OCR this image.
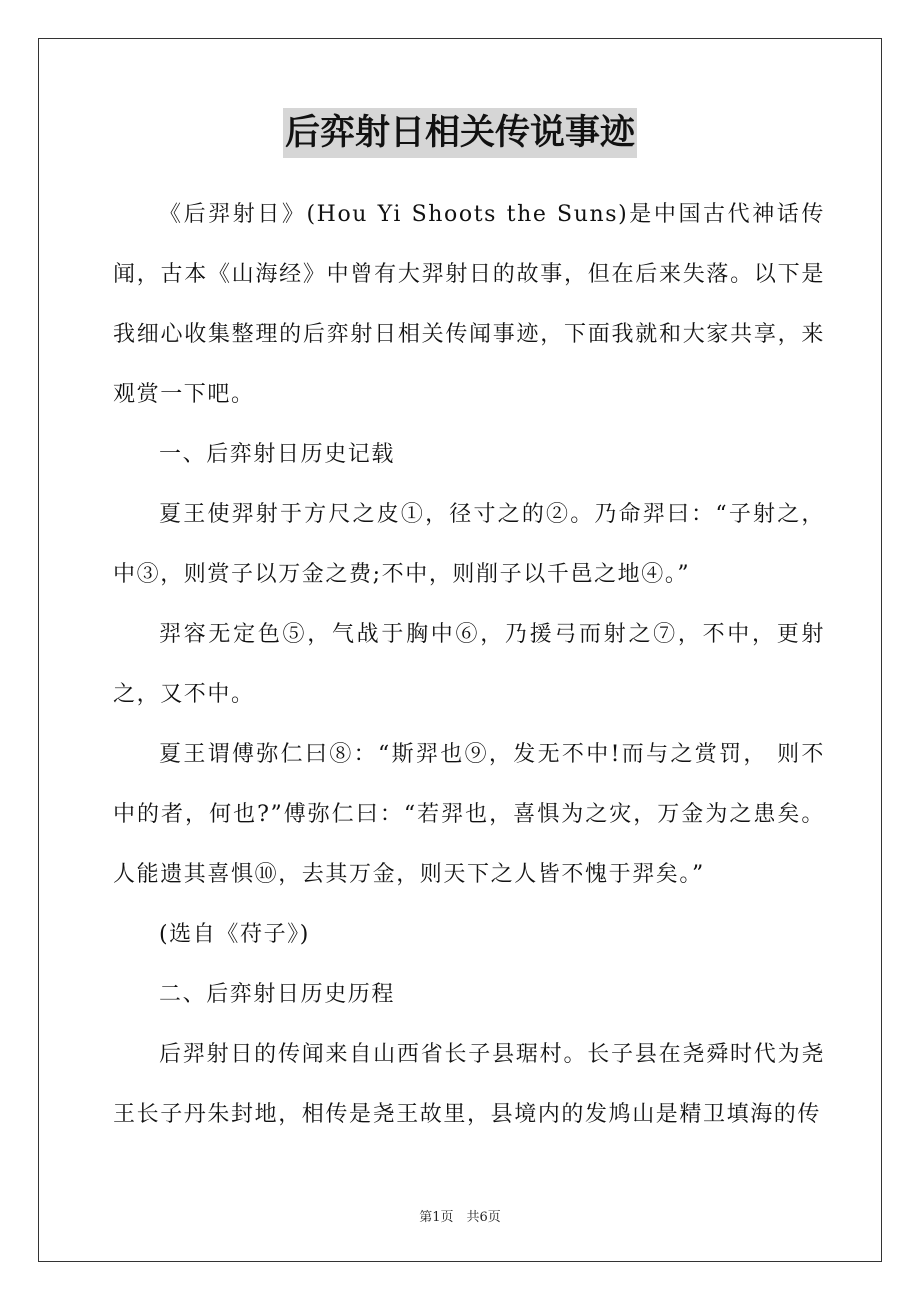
后弈射日相关传说事迹

《后羿射日》(Hou Yi Shoots the Suns)是中国古代神话传闻，古本《山海经》中曾有大羿射日的故事，但在后来失落。以下是我细心收集整理的后弈射日相关传闻事迹，下面我就和大家共享，来观赏一下吧。

一、后弈射日历史记载

夏王使羿射于方尺之皮①，径寸之的②。乃命羿曰：“子射之，中③，则赏子以万金之费;不中，则削子以千邑之地④。”

羿容无定色⑤，气战于胸中⑥，乃援弓而射之⑦，不中，更射之，又不中。

夏王谓傅弥仁曰⑧：“斯羿也⑨，发无不中!而与之赏罚， 则不中的者，何也?”傅弥仁曰：“若羿也，喜惧为之灾，万金为之患矣。人能遗其喜惧⑩，去其万金，则天下之人皆不愧于羿矣。”

(选自《苻子》)

二、后弈射日历史历程

后羿射日的传闻来自山西省长子县琚村。长子县在尧舜时代为尧王长子丹朱封地，相传是尧王故里，县境内的发鸠山是精卫填海的传

第1页　共6页
